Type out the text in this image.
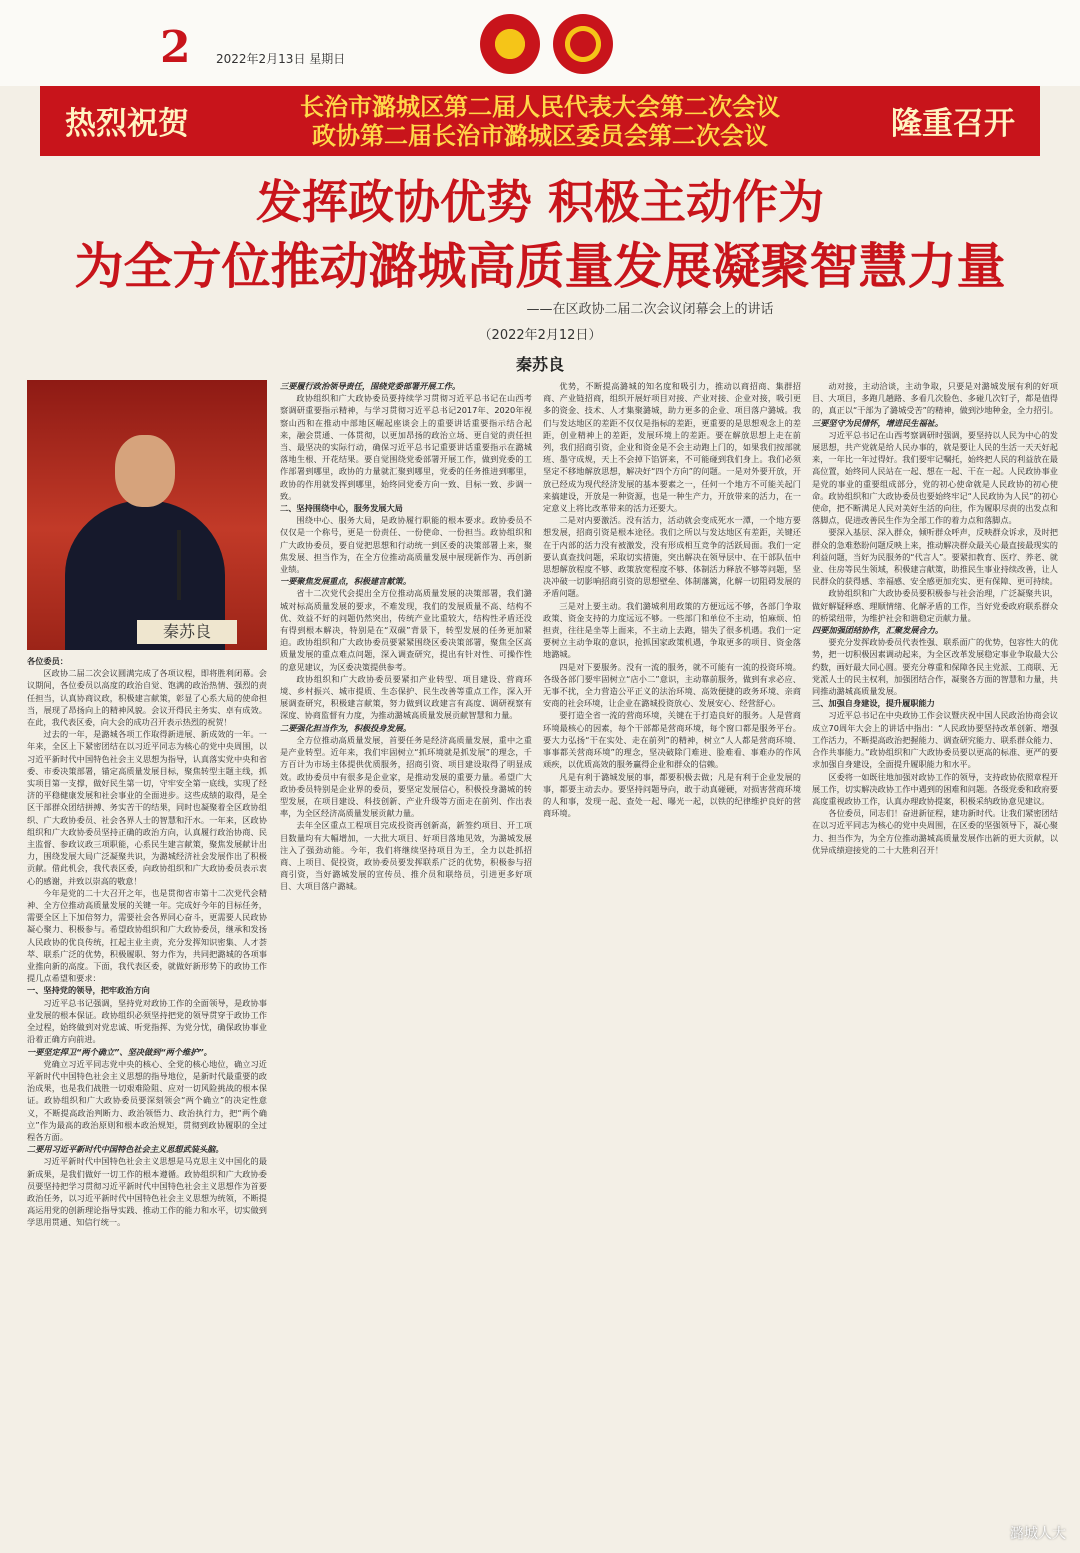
2 2022年2月13日 星期日
热烈祝贺	长治市潞城区第二届人民代表大会第二次会议
政协第二届长治市潞城区委员会第二次会议	隆重召开
发挥政协优势 积极主动作为
为全方位推动潞城高质量发展凝聚智慧力量
——在区政协二届二次会议闭幕会上的讲话
（2022年2月12日）
秦苏良
秦苏良

各位委员：

区政协二届二次会议圆满完成了各项议程，即将胜利闭幕。会议期间，各位委员以高度的政治自觉、饱满的政治热情、强烈的责任担当，认真协商议政，积极建言献策，彰显了心系大局的使命担当，展现了昂扬向上的精神风貌。会议开得民主务实、卓有成效。在此，我代表区委，向大会的成功召开表示热烈的祝贺！

过去的一年，是潞城各项工作取得新进展、新成效的一年。一年来，全区上下紧密团结在以习近平同志为核心的党中央周围，以习近平新时代中国特色社会主义思想为指导，认真落实党中央和省委、市委决策部署，锚定高质量发展目标，聚焦转型主题主线，抓实项目第一支撑，做好民生第一切，守牢安全第一底线，实现了经济的平稳健康发展和社会事业的全面进步。这些成绩的取得，是全区干部群众团结拼搏、务实苦干的结果，同时也凝聚着全区政协组织、广大政协委员、社会各界人士的智慧和汗水。一年来，区政协组织和广大政协委员坚持正确的政治方向，认真履行政治协商、民主监督、参政议政三项职能，心系民生建言献策，聚焦发展献计出力，围绕发展大局广泛凝聚共识，为潞城经济社会发展作出了积极贡献。借此机会，我代表区委，向政协组织和广大政协委员表示衷心的感谢，并致以崇高的敬意！

今年是党的二十大召开之年，也是贯彻省市第十二次党代会精神、全方位推动高质量发展的关键一年。完成好今年的目标任务，需要全区上下加倍努力，需要社会各界同心奋斗，更需要人民政协凝心聚力、积极参与。希望政协组织和广大政协委员，继承和发扬人民政协的优良传统，扛起主业主责，充分发挥知识密集、人才荟萃、联系广泛的优势，积极履职、努力作为，共同把潞城的各项事业推向新的高度。下面，我代表区委，就做好新形势下的政协工作提几点希望和要求：

一、坚持党的领导，把牢政治方向

习近平总书记强调，坚持党对政协工作的全面领导，是政协事业发展的根本保证。政协组织必须坚持把党的领导贯穿于政协工作全过程，始终做到对党忠诚、听党指挥、为党分忧，确保政协事业沿着正确方向前进。

一要坚定捍卫“两个确立”、坚决做到“两个维护”。

党确立习近平同志党中央的核心、全党的核心地位，确立习近平新时代中国特色社会主义思想的指导地位，是新时代最重要的政治成果，也是我们战胜一切艰难险阻、应对一切风险挑战的根本保证。政协组织和广大政协委员要深刻领会“两个确立”的决定性意义，不断提高政治判断力、政治领悟力、政治执行力，把“两个确立”作为最高的政治原则和根本政治规矩，贯彻到政协履职的全过程各方面。

二要用习近平新时代中国特色社会主义思想武装头脑。

习近平新时代中国特色社会主义思想是马克思主义中国化的最新成果，是我们做好一切工作的根本遵循。政协组织和广大政协委员要坚持把学习贯彻习近平新时代中国特色社会主义思想作为首要政治任务，以习近平新时代中国特色社会主义思想为统领，不断提高运用党的创新理论指导实践、推动工作的能力和水平，切实做到学思用贯通、知信行统一。

三要履行政治领导责任，围绕党委部署开展工作。

政协组织和广大政协委员要持续学习贯彻习近平总书记在山西考察调研重要指示精神，与学习贯彻习近平总书记2017年、2020年视察山西和在推动中部地区崛起座谈会上的重要讲话重要指示结合起来，融会贯通、一体贯彻，以更加昂扬的政治立场、更自觉的责任担当、最坚决的实际行动，确保习近平总书记重要讲话重要指示在潞城落地生根、开花结果。要自觉围绕党委部署开展工作，做到党委的工作部署到哪里，政协的力量就汇聚到哪里，党委的任务推进到哪里，政协的作用就发挥到哪里，始终同党委方向一致、目标一致、步调一致。

二、坚持围绕中心，服务发展大局

围绕中心、服务大局，是政协履行职能的根本要求。政协委员不仅仅是一个称号，更是一份责任、一份使命、一份担当。政协组织和广大政协委员，要自觉把思想和行动统一到区委的决策部署上来，聚焦发展、担当作为，在全方位推动高质量发展中展现新作为、再创新业绩。

一要聚焦发展重点，积极建言献策。

省十二次党代会提出全方位推动高质量发展的决策部署，我们潞城对标高质量发展的要求，不难发现，我们的发展质量不高、结构不优、效益不好的问题仍然突出，传统产业比重较大，结构性矛盾还没有得到根本解决，特别是在“双碳”背景下，转型发展的任务更加紧迫。政协组织和广大政协委员要紧紧围绕区委决策部署，聚焦全区高质量发展的重点难点问题，深入调查研究，提出有针对性、可操作性的意见建议，为区委决策提供参考。

政协组织和广大政协委员要紧扣产业转型、项目建设、营商环境、乡村振兴、城市提质、生态保护、民生改善等重点工作，深入开展调查研究，积极建言献策，努力做到议政建言有高度、调研视察有深度、协商监督有力度，为推动潞城高质量发展贡献智慧和力量。

二要强化担当作为，积极投身发展。

全方位推动高质量发展，首要任务是经济高质量发展，重中之重是产业转型。近年来，我们牢固树立“抓环境就是抓发展”的理念，千方百计为市场主体提供优质服务，招商引资、项目建设取得了明显成效。政协委员中有很多是企业家，是推动发展的重要力量。希望广大政协委员特别是企业界的委员，要坚定发展信心，积极投身潞城的转型发展，在项目建设、科技创新、产业升级等方面走在前列、作出表率，为全区经济高质量发展贡献力量。

去年全区重点工程项目完成投资再创新高，新签约项目、开工项目数量均有大幅增加，一大批大项目、好项目落地见效，为潞城发展注入了强劲动能。今年，我们将继续坚持项目为王，全力以赴抓招商、上项目、促投资，政协委员要发挥联系广泛的优势，积极参与招商引资，当好潞城发展的宣传员、推介员和联络员，引进更多好项目、大项目落户潞城。

优势，不断提高潞城的知名度和吸引力，推动以商招商、集群招商、产业链招商，组织开展好项目对接、产业对接、企业对接，吸引更多的资金、技术、人才集聚潞城，助力更多的企业、项目落户潞城。我们与发达地区的差距不仅仅是指标的差距，更重要的是思想观念上的差距，创业精神上的差距，发展环境上的差距。要在解放思想上走在前列，我们招商引资，企业和资金是不会主动跑上门的，如果我们按部就班、墨守成规，天上不会掉下馅饼来，不可能碰到我们身上。我们必须坚定不移地解放思想，解决好“四个方向”的问题。一是对外要开放，开放已经成为现代经济发展的基本要素之一，任何一个地方不可能关起门来搞建设，开放是一种资源，也是一种生产力，开放带来的活力，在一定意义上将比改革带来的活力还要大。

二是对内要激活。没有活力，活动就会变成死水一潭，一个地方要想发展，招商引资是根本途径。我们之所以与发达地区有差距，关键还在于内部的活力没有被激发，没有形成相互竞争的活跃局面。我们一定要认真查找问题，采取切实措施，突出解决在领导层中、在干部队伍中思想解放程度不够、政策放宽程度不够、体制活力释放不够等问题，坚决冲破一切影响招商引资的思想壁垒、体制藩篱，化解一切阻碍发展的矛盾问题。

三是对上要主动。我们潞城利用政策的方便远远不够，各部门争取政策、资金支持的力度远远不够。一些部门和单位不主动，怕麻烦、怕担责，往往是坐等上面来，不主动上去跑，错失了很多机遇。我们一定要树立主动争取的意识，抢抓国家政策机遇，争取更多的项目、资金落地潞城。

四是对下要服务。没有一流的服务，就不可能有一流的投资环境。各级各部门要牢固树立“店小二”意识，主动靠前服务，做到有求必应、无事不扰，全力营造公平正义的法治环境、高效便捷的政务环境、亲商安商的社会环境，让企业在潞城投资放心、发展安心、经营舒心。

要打造全省一流的营商环境，关键在于打造良好的服务。人是营商环境最核心的因素，每个干部都是营商环境，每个窗口都是服务平台。要大力弘扬“干在实处、走在前列”的精神，树立“人人都是营商环境、事事都关营商环境”的理念，坚决破除门难进、脸难看、事难办的作风顽疾，以优质高效的服务赢得企业和群众的信赖。

凡是有利于潞城发展的事，都要积极去做；凡是有利于企业发展的事，都要主动去办。要坚持问题导向，敢于动真碰硬，对损害营商环境的人和事，发现一起、查处一起、曝光一起，以铁的纪律维护良好的营商环境。

动对接，主动洽谈，主动争取，只要是对潞城发展有利的好项目、大项目，多跑几趟路、多看几次脸色、多碰几次钉子，都是值得的，真正以“干部为了潞城受苦”的精神，做到沙地种金，全力招引。

三要坚守为民情怀，增进民生福祉。

习近平总书记在山西考察调研时强调，要坚持以人民为中心的发展思想，共产党就是给人民办事的，就是要让人民的生活一天天好起来，一年比一年过得好。我们要牢记嘱托，始终把人民的利益放在最高位置，始终同人民站在一起、想在一起、干在一起。人民政协事业是党的事业的重要组成部分，党的初心使命就是人民政协的初心使命。政协组织和广大政协委员也要始终牢记“人民政协为人民”的初心使命，把不断满足人民对美好生活的向往，作为履职尽责的出发点和落脚点，促进改善民生作为全部工作的着力点和落脚点。

要深入基层、深入群众，倾听群众呼声，反映群众诉求，及时把群众的急难愁盼问题反映上来，推动解决群众最关心最直接最现实的利益问题，当好为民服务的“代言人”。要紧扣教育、医疗、养老、就业、住房等民生领域，积极建言献策，助推民生事业持续改善，让人民群众的获得感、幸福感、安全感更加充实、更有保障、更可持续。

政协组织和广大政协委员要积极参与社会治理，广泛凝聚共识，做好解疑释惑、理顺情绪、化解矛盾的工作，当好党委政府联系群众的桥梁纽带，为维护社会和谐稳定贡献力量。

四要加强团结协作，汇聚发展合力。

要充分发挥政协委员代表性强、联系面广的优势，包容性大的优势，把一切积极因素调动起来，为全区改革发展稳定事业争取最大公约数，画好最大同心圆。要充分尊重和保障各民主党派、工商联、无党派人士的民主权利，加强团结合作，凝聚各方面的智慧和力量，共同推动潞城高质量发展。

三、加强自身建设，提升履职能力

习近平总书记在中央政协工作会议暨庆祝中国人民政治协商会议成立70周年大会上的讲话中指出：“人民政协要坚持改革创新、增强工作活力，不断提高政治把握能力、调查研究能力、联系群众能力、合作共事能力。”政协组织和广大政协委员要以更高的标准、更严的要求加强自身建设，全面提升履职能力和水平。

区委将一如既往地加强对政协工作的领导，支持政协依照章程开展工作，切实解决政协工作中遇到的困难和问题。各级党委和政府要高度重视政协工作，认真办理政协提案，积极采纳政协意见建议。

各位委员，同志们！奋进新征程，建功新时代。让我们紧密团结在以习近平同志为核心的党中央周围，在区委的坚强领导下，凝心聚力、担当作为，为全方位推动潞城高质量发展作出新的更大贡献，以优异成绩迎接党的二十大胜利召开！

潞城人大
